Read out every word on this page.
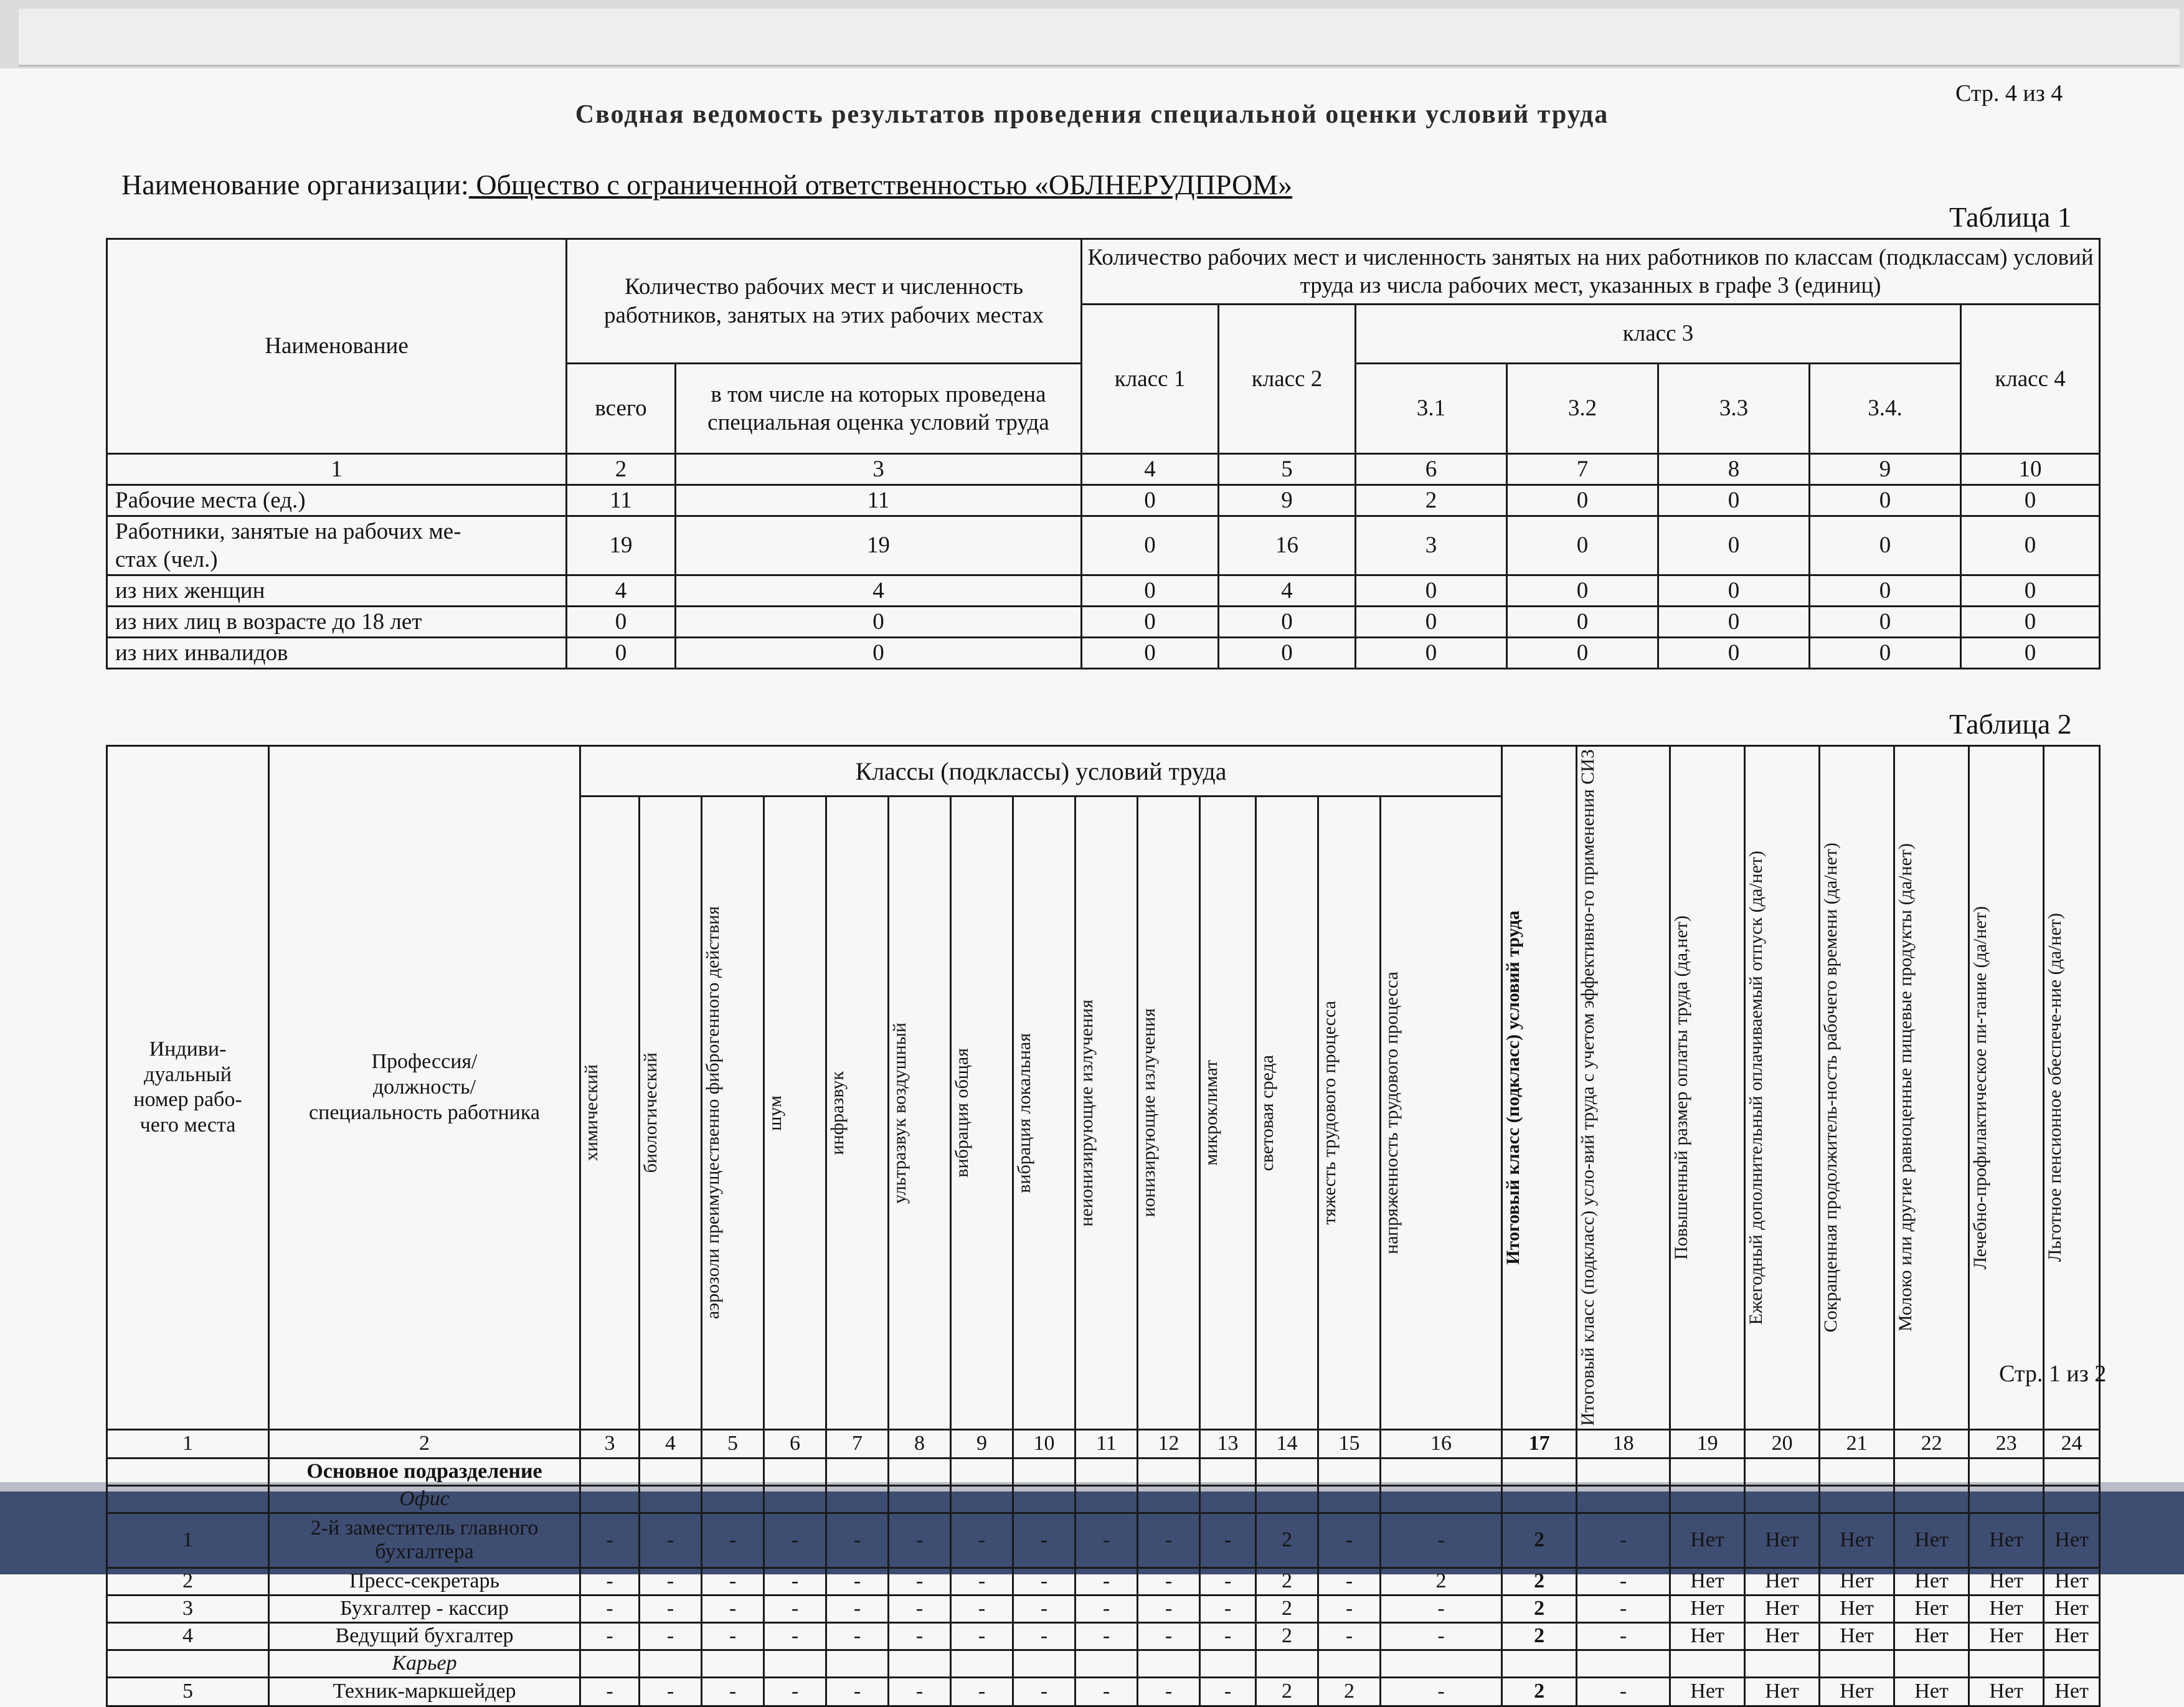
Стр. 4 из 4
Сводная ведомость результатов проведения специальной оценки условий труда
Наименование организации: Общество с ограниченной ответственностью «ОБЛНЕРУДПРОМ»
Таблица 1
Наименование	Количество рабочих мест и численность работников, занятых на этих рабочих местах		Количество рабочих мест и численность занятых на них работников по классам (подклассам) условий труда из числа рабочих мест, указанных в графе 3 (единиц)						
			класс 1	класс 2	класс 3				класс 4
	всего	в том числе на которых проведена специальная оценка условий труда			3.1	3.2	3.3	3.4.	
1	2	3	4	5	6	7	8	9	10
Рабочие места (ед.)	11	11	0	9	2	0	0	0	0
Работники, занятые на рабочих ме-
стах (чел.)	19	19	0	16	3	0	0	0	0
из них женщин	4	4	0	4	0	0	0	0	0
из них лиц в возрасте до 18 лет	0	0	0	0	0	0	0	0	0
из них инвалидов	0	0	0	0	0	0	0	0	0
Таблица 2
Индиви-
дуальный
номер рабо-
чего места	Профессия/
должность/
специальность работника	Классы (подклассы) условий труда														Итоговый класс (подкласс) условий труда	Итоговый класс (подкласс) усло-вий труда с учетом эффективно-го применения СИЗ	Повышенный размер оплаты труда (да,нет)	Ежегодный дополнительный оплачиваемый отпуск (да/нет)	Сокращенная продолжитель-ность рабочего времени (да/нет)	Молоко или другие равноценные пищевые продукты (да/нет)	Лечебно-профилактическое пи-тание (да/нет)	Льготное пенсионное обеспече-ние (да/нет)

		химический	биологический	аэрозоли преимущественно фиброгенного действия	шум	инфразвук	ультразвук воздушный	вибрация общая	вибрация локальная	неионизирующие излучения	ионизирующие излучения	микроклимат	световая среда	тяжесть трудового процесса	напряженность трудового процесса								

1	2	3	4	5	6	7	8	9	10	11	12	13	14	15	16	17	18	19	20	21	22	23	24
	Основное подразделение																						
	Офис																						
1	2-й заместитель главного
бухгалтера	-	-	-	-	-	-	-	-	-	-	-	2	-	-	2	-	Нет	Нет	Нет	Нет	Нет	Нет
2	Пресс-секретарь	-	-	-	-	-	-	-	-	-	-	-	2	-	2	2	-	Нет	Нет	Нет	Нет	Нет	Нет
3	Бухгалтер - кассир	-	-	-	-	-	-	-	-	-	-	-	2	-	-	2	-	Нет	Нет	Нет	Нет	Нет	Нет
4	Ведущий бухгалтер	-	-	-	-	-	-	-	-	-	-	-	2	-	-	2	-	Нет	Нет	Нет	Нет	Нет	Нет
	Карьер																						
5	Техник-маркшейдер	-	-	-	-	-	-	-	-	-	-	-	2	2	-	2	-	Нет	Нет	Нет	Нет	Нет	Нет
Стр. 1 из 2
